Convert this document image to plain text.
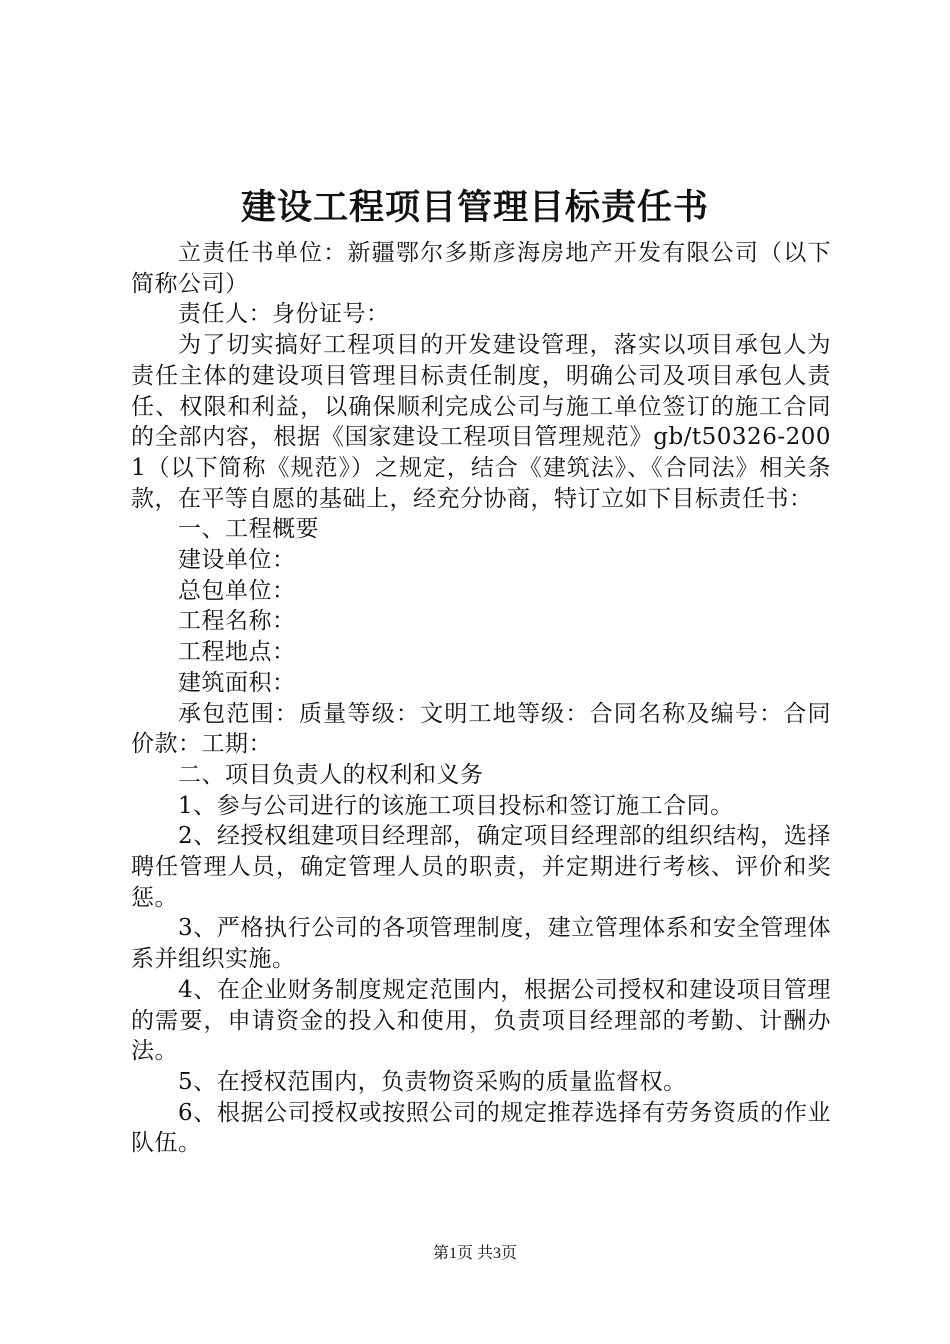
建设工程项目管理目标责任书

立责任书单位：新疆鄂尔多斯彦海房地产开发有限公司（以下简称公司）

责任人：身份证号：

为了切实搞好工程项目的开发建设管理，落实以项目承包人为责任主体的建设项目管理目标责任制度，明确公司及项目承包人责任、权限和利益，以确保顺利完成公司与施工单位签订的施工合同的全部内容，根据《国家建设工程项目管理规范》gb/t50326-2001（以下简称《规范》）之规定，结合《建筑法》、《合同法》相关条款，在平等自愿的基础上，经充分协商，特订立如下目标责任书：

一、工程概要

建设单位：

总包单位：

工程名称：

工程地点：

建筑面积：

承包范围：质量等级：文明工地等级：合同名称及编号：合同价款：工期：

二、项目负责人的权利和义务

1、参与公司进行的该施工项目投标和签订施工合同。

2、经授权组建项目经理部，确定项目经理部的组织结构，选择聘任管理人员，确定管理人员的职责，并定期进行考核、评价和奖惩。

3、严格执行公司的各项管理制度，建立管理体系和安全管理体系并组织实施。

4、在企业财务制度规定范围内，根据公司授权和建设项目管理的需要，申请资金的投入和使用，负责项目经理部的考勤、计酬办法。

5、在授权范围内，负责物资采购的质量监督权。

6、根据公司授权或按照公司的规定推荐选择有劳务资质的作业队伍。

第1页 共3页
